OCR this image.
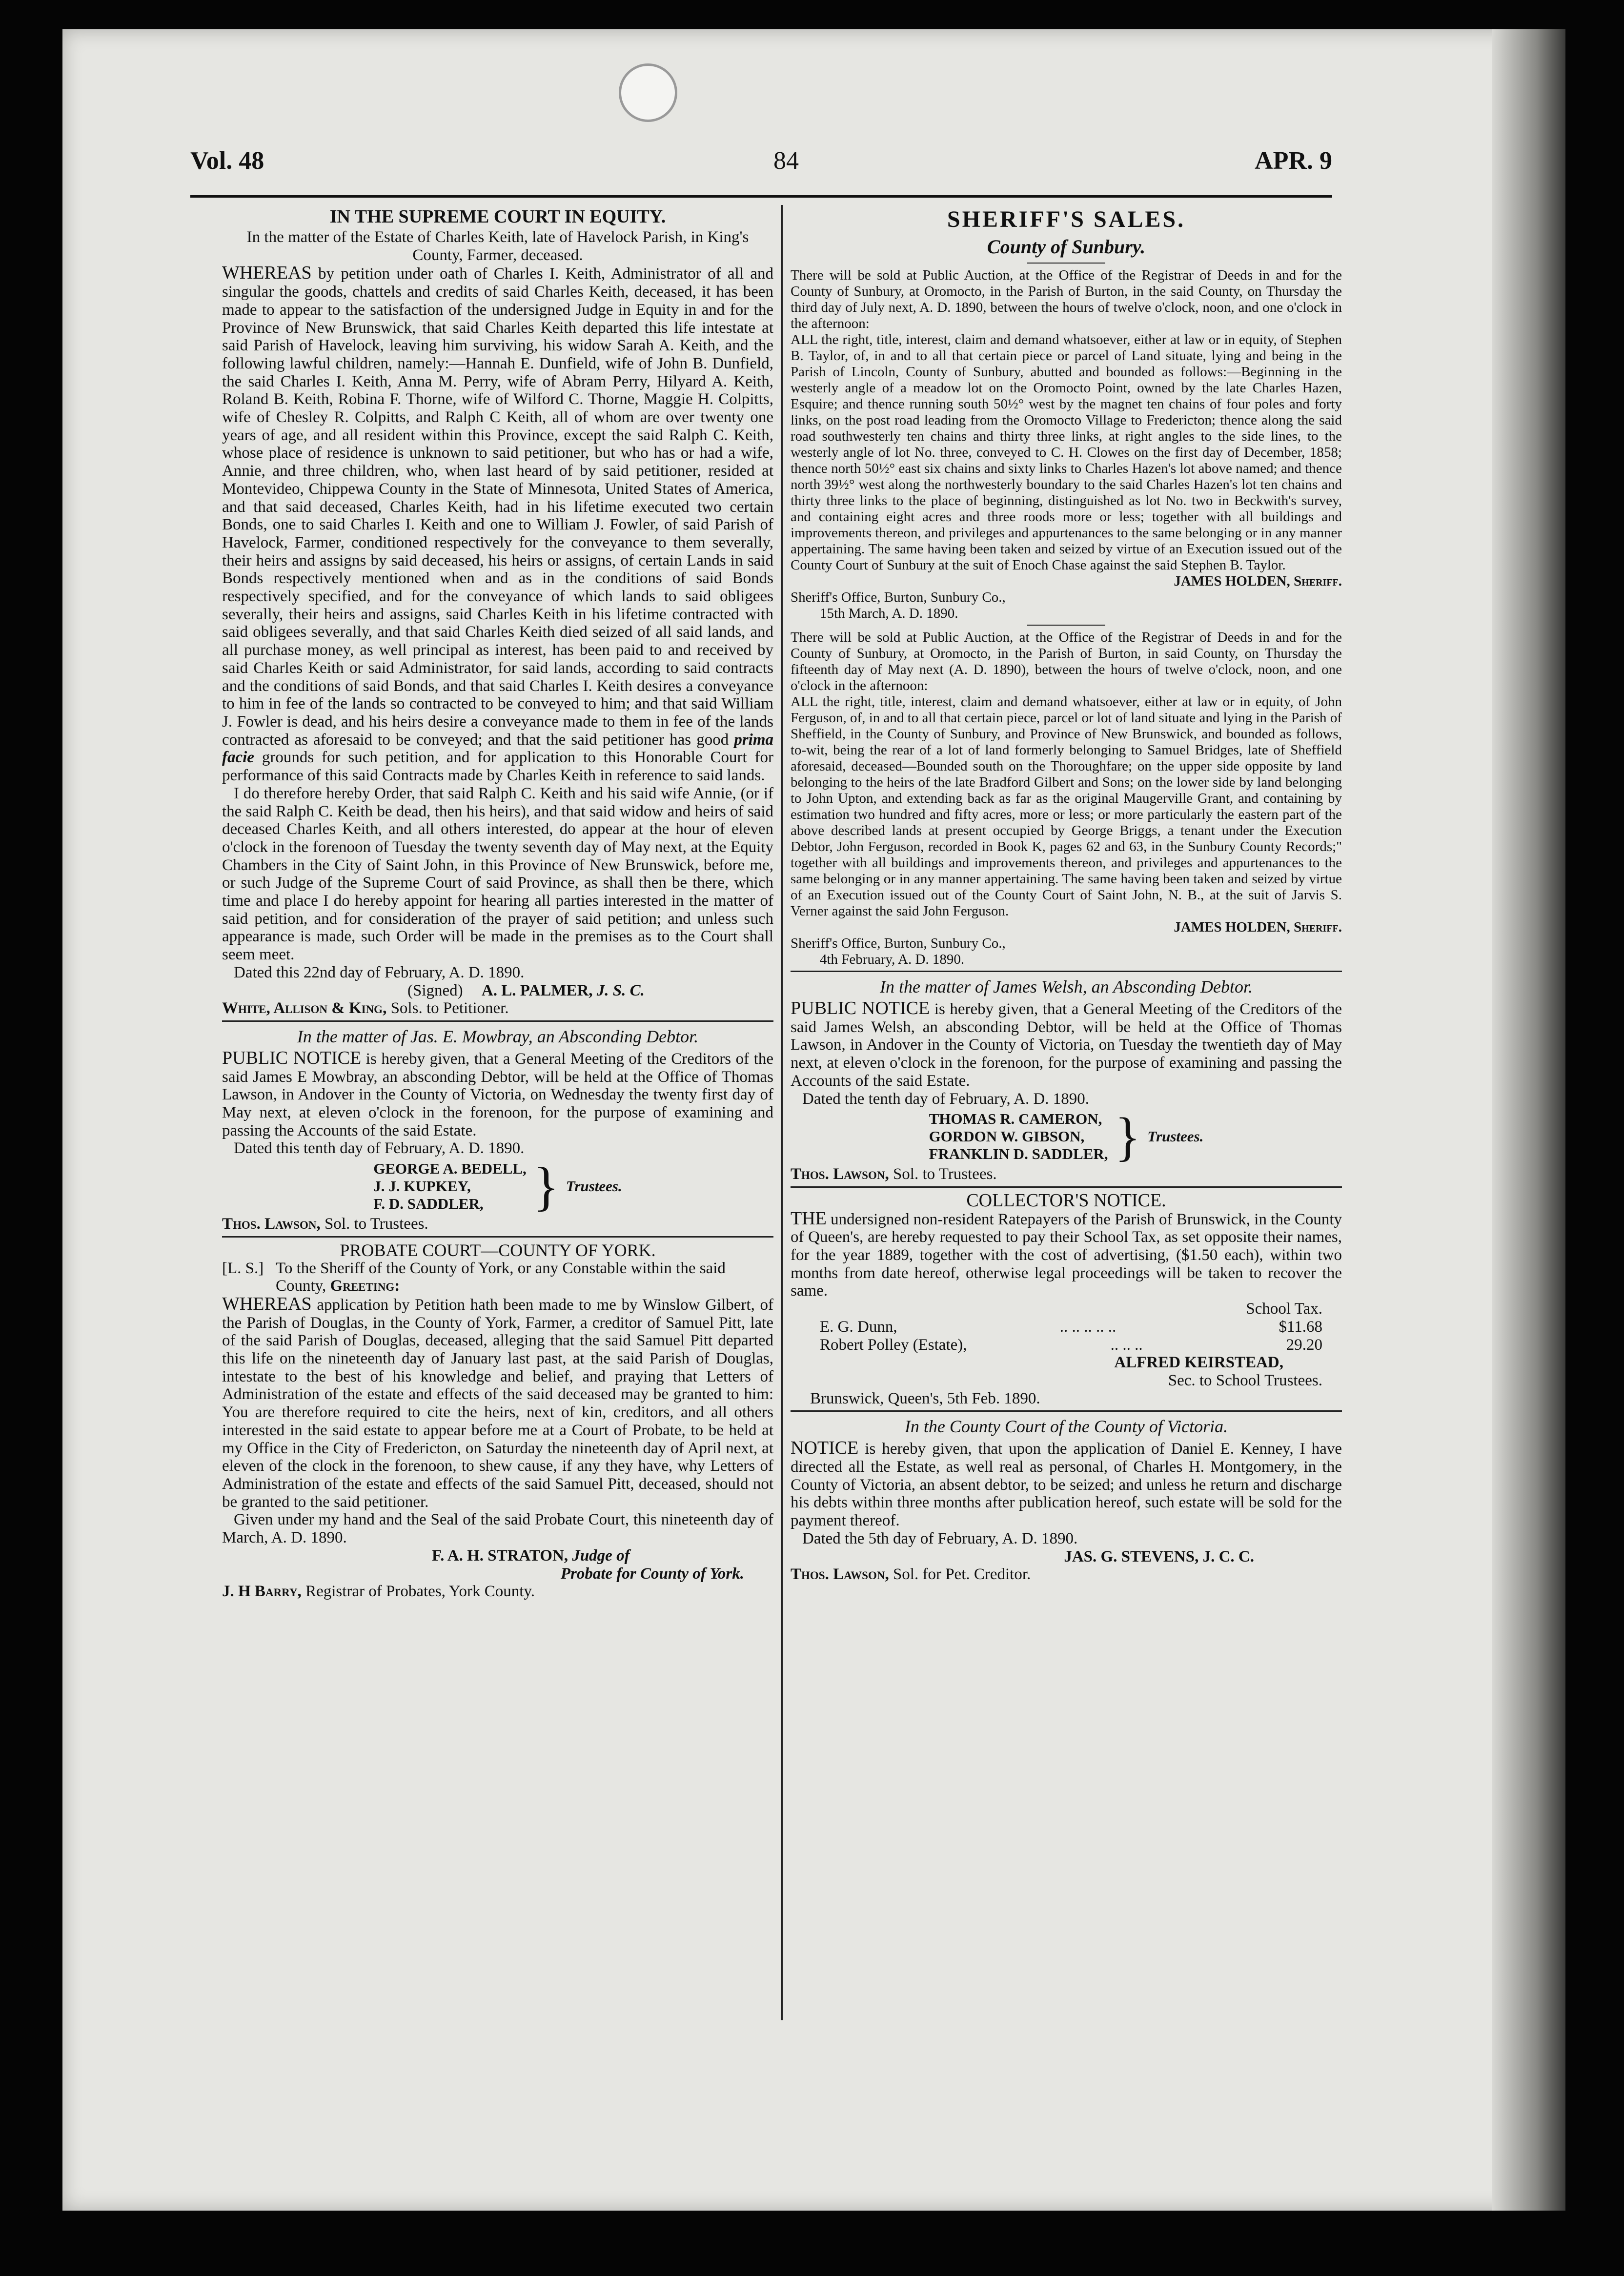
Vol. 48	84	APR. 9
IN THE SUPREME COURT IN EQUITY.
In the matter of the Estate of Charles Keith, late of Havelock Parish, in King's County, Farmer, deceased.

WHEREAS by petition under oath of Charles I. Keith, Administrator of all and singular the goods, chattels and credits of said Charles Keith, deceased, it has been made to appear to the satisfaction of the undersigned Judge in Equity in and for the Province of New Brunswick, that said Charles Keith departed this life intestate at said Parish of Havelock, leaving him surviving, his widow Sarah A. Keith, and the following lawful children, namely:—Hannah E. Dunfield, wife of John B. Dunfield, the said Charles I. Keith, Anna M. Perry, wife of Abram Perry, Hilyard A. Keith, Roland B. Keith, Robina F. Thorne, wife of Wilford C. Thorne, Maggie H. Colpitts, wife of Chesley R. Colpitts, and Ralph C Keith, all of whom are over twenty one years of age, and all resident within this Province, except the said Ralph C. Keith, whose place of residence is unknown to said petitioner, but who has or had a wife, Annie, and three children, who, when last heard of by said petitioner, resided at Montevideo, Chippewa County in the State of Minnesota, United States of America, and that said deceased, Charles Keith, had in his lifetime executed two certain Bonds, one to said Charles I. Keith and one to William J. Fowler, of said Parish of Havelock, Farmer, conditioned respectively for the conveyance to them severally, their heirs and assigns by said deceased, his heirs or assigns, of certain Lands in said Bonds respectively mentioned when and as in the conditions of said Bonds respectively specified, and for the conveyance of which lands to said obligees severally, their heirs and assigns, said Charles Keith in his lifetime contracted with said obligees severally, and that said Charles Keith died seized of all said lands, and all purchase money, as well principal as interest, has been paid to and received by said Charles Keith or said Administrator, for said lands, according to said contracts and the conditions of said Bonds, and that said Charles I. Keith desires a conveyance to him in fee of the lands so contracted to be conveyed to him; and that said William J. Fowler is dead, and his heirs desire a conveyance made to them in fee of the lands contracted as aforesaid to be conveyed; and that the said petitioner has good prima facie grounds for such petition, and for application to this Honorable Court for performance of this said Contracts made by Charles Keith in reference to said lands.

I do therefore hereby Order, that said Ralph C. Keith and his said wife Annie, (or if the said Ralph C. Keith be dead, then his heirs), and that said widow and heirs of said deceased Charles Keith, and all others interested, do appear at the hour of eleven o'clock in the forenoon of Tuesday the twenty seventh day of May next, at the Equity Chambers in the City of Saint John, in this Province of New Brunswick, before me, or such Judge of the Supreme Court of said Province, as shall then be there, which time and place I do hereby appoint for hearing all parties interested in the matter of said petition, and for consideration of the prayer of said petition; and unless such appearance is made, such Order will be made in the premises as to the Court shall seem meet.

Dated this 22nd day of February, A. D. 1890.

(Signed) A. L. PALMER, J. S. C.
White, Allison & King, Sols. to Petitioner.
In the matter of Jas. E. Mowbray, an Absconding Debtor.

PUBLIC NOTICE is hereby given, that a General Meeting of the Creditors of the said James E Mowbray, an absconding Debtor, will be held at the Office of Thomas Lawson, in Andover in the County of Victoria, on Wednesday the twenty first day of May next, at eleven o'clock in the forenoon, for the purpose of examining and passing the Accounts of the said Estate.

Dated this tenth day of February, A. D. 1890.

GEORGE A. BEDELL,
J. J. KUPKEY,
F. D. SADDLER, } Trustees.
Thos. Lawson, Sol. to Trustees.
PROBATE COURT—COUNTY OF YORK.
[L. S.] To the Sheriff of the County of York, or any Constable within the said County, Greeting:

WHEREAS application by Petition hath been made to me by Winslow Gilbert, of the Parish of Douglas, in the County of York, Farmer, a creditor of Samuel Pitt, late of the said Parish of Douglas, deceased, alleging that the said Samuel Pitt departed this life on the nineteenth day of January last past, at the said Parish of Douglas, intestate to the best of his knowledge and belief, and praying that Letters of Administration of the estate and effects of the said deceased may be granted to him: You are therefore required to cite the heirs, next of kin, creditors, and all others interested in the said estate to appear before me at a Court of Probate, to be held at my Office in the City of Fredericton, on Saturday the nineteenth day of April next, at eleven of the clock in the forenoon, to shew cause, if any they have, why Letters of Administration of the estate and effects of the said Samuel Pitt, deceased, should not be granted to the said petitioner.

Given under my hand and the Seal of the said Probate Court, this nineteenth day of March, A. D. 1890.

F. A. H. STRATON, Judge of
Probate for County of York.
J. H Barry, Registrar of Probates, York County.
SHERIFF'S SALES.
County of Sunbury.

There will be sold at Public Auction, at the Office of the Registrar of Deeds in and for the County of Sunbury, at Oromocto, in the Parish of Burton, in the said County, on Thursday the third day of July next, A. D. 1890, between the hours of twelve o'clock, noon, and one o'clock in the afternoon:

ALL the right, title, interest, claim and demand whatsoever, either at law or in equity, of Stephen B. Taylor, of, in and to all that certain piece or parcel of Land situate, lying and being in the Parish of Lincoln, County of Sunbury, abutted and bounded as follows:—Beginning in the westerly angle of a meadow lot on the Oromocto Point, owned by the late Charles Hazen, Esquire; and thence running south 50½° west by the magnet ten chains of four poles and forty links, on the post road leading from the Oromocto Village to Fredericton; thence along the said road southwesterly ten chains and thirty three links, at right angles to the side lines, to the westerly angle of lot No. three, conveyed to C. H. Clowes on the first day of December, 1858; thence north 50½° east six chains and sixty links to Charles Hazen's lot above named; and thence north 39½° west along the northwesterly boundary to the said Charles Hazen's lot ten chains and thirty three links to the place of beginning, distinguished as lot No. two in Beckwith's survey, and containing eight acres and three roods more or less; together with all buildings and improvements thereon, and privileges and appurtenances to the same belonging or in any manner appertaining. The same having been taken and seized by virtue of an Execution issued out of the County Court of Sunbury at the suit of Enoch Chase against the said Stephen B. Taylor.

JAMES HOLDEN, Sheriff.
Sheriff's Office, Burton, Sunbury Co.,
15th March, A. D. 1890.

There will be sold at Public Auction, at the Office of the Registrar of Deeds in and for the County of Sunbury, at Oromocto, in the Parish of Burton, in said County, on Thursday the fifteenth day of May next (A. D. 1890), between the hours of twelve o'clock, noon, and one o'clock in the afternoon:

ALL the right, title, interest, claim and demand whatsoever, either at law or in equity, of John Ferguson, of, in and to all that certain piece, parcel or lot of land situate and lying in the Parish of Sheffield, in the County of Sunbury, and Province of New Brunswick, and bounded as follows, to-wit, being the rear of a lot of land formerly belonging to Samuel Bridges, late of Sheffield aforesaid, deceased—Bounded south on the Thoroughfare; on the upper side opposite by land belonging to the heirs of the late Bradford Gilbert and Sons; on the lower side by land belonging to John Upton, and extending back as far as the original Maugerville Grant, and containing by estimation two hundred and fifty acres, more or less; or more particularly the eastern part of the above described lands at present occupied by George Briggs, a tenant under the Execution Debtor, John Ferguson, recorded in Book K, pages 62 and 63, in the Sunbury County Records;" together with all buildings and improvements thereon, and privileges and appurtenances to the same belonging or in any manner appertaining. The same having been taken and seized by virtue of an Execution issued out of the County Court of Saint John, N. B., at the suit of Jarvis S. Verner against the said John Ferguson.

JAMES HOLDEN, Sheriff.
Sheriff's Office, Burton, Sunbury Co.,
4th February, A. D. 1890.
In the matter of James Welsh, an Absconding Debtor.

PUBLIC NOTICE is hereby given, that a General Meeting of the Creditors of the said James Welsh, an absconding Debtor, will be held at the Office of Thomas Lawson, in Andover in the County of Victoria, on Tuesday the twentieth day of May next, at eleven o'clock in the forenoon, for the purpose of examining and passing the Accounts of the said Estate.

Dated the tenth day of February, A. D. 1890.

THOMAS R. CAMERON,
GORDON W. GIBSON,
FRANKLIN D. SADDLER, } Trustees.
Thos. Lawson, Sol. to Trustees.
COLLECTOR'S NOTICE.

THE undersigned non-resident Ratepayers of the Parish of Brunswick, in the County of Queen's, are hereby requested to pay their School Tax, as set opposite their names, for the year 1889, together with the cost of advertising, ($1.50 each), within two months from date hereof, otherwise legal proceedings will be taken to recover the same.

School Tax.
E. G. Dunn,	.. .. .. .. ..	$11.68
Robert Polley (Estate),	.. .. ..	29.20
ALFRED KEIRSTEAD,
Sec. to School Trustees.
Brunswick, Queen's, 5th Feb. 1890.
In the County Court of the County of Victoria.

NOTICE is hereby given, that upon the application of Daniel E. Kenney, I have directed all the Estate, as well real as personal, of Charles H. Montgomery, in the County of Victoria, an absent debtor, to be seized; and unless he return and discharge his debts within three months after publication hereof, such estate will be sold for the payment thereof.

Dated the 5th day of February, A. D. 1890.

JAS. G. STEVENS, J. C. C.
Thos. Lawson, Sol. for Pet. Creditor.
